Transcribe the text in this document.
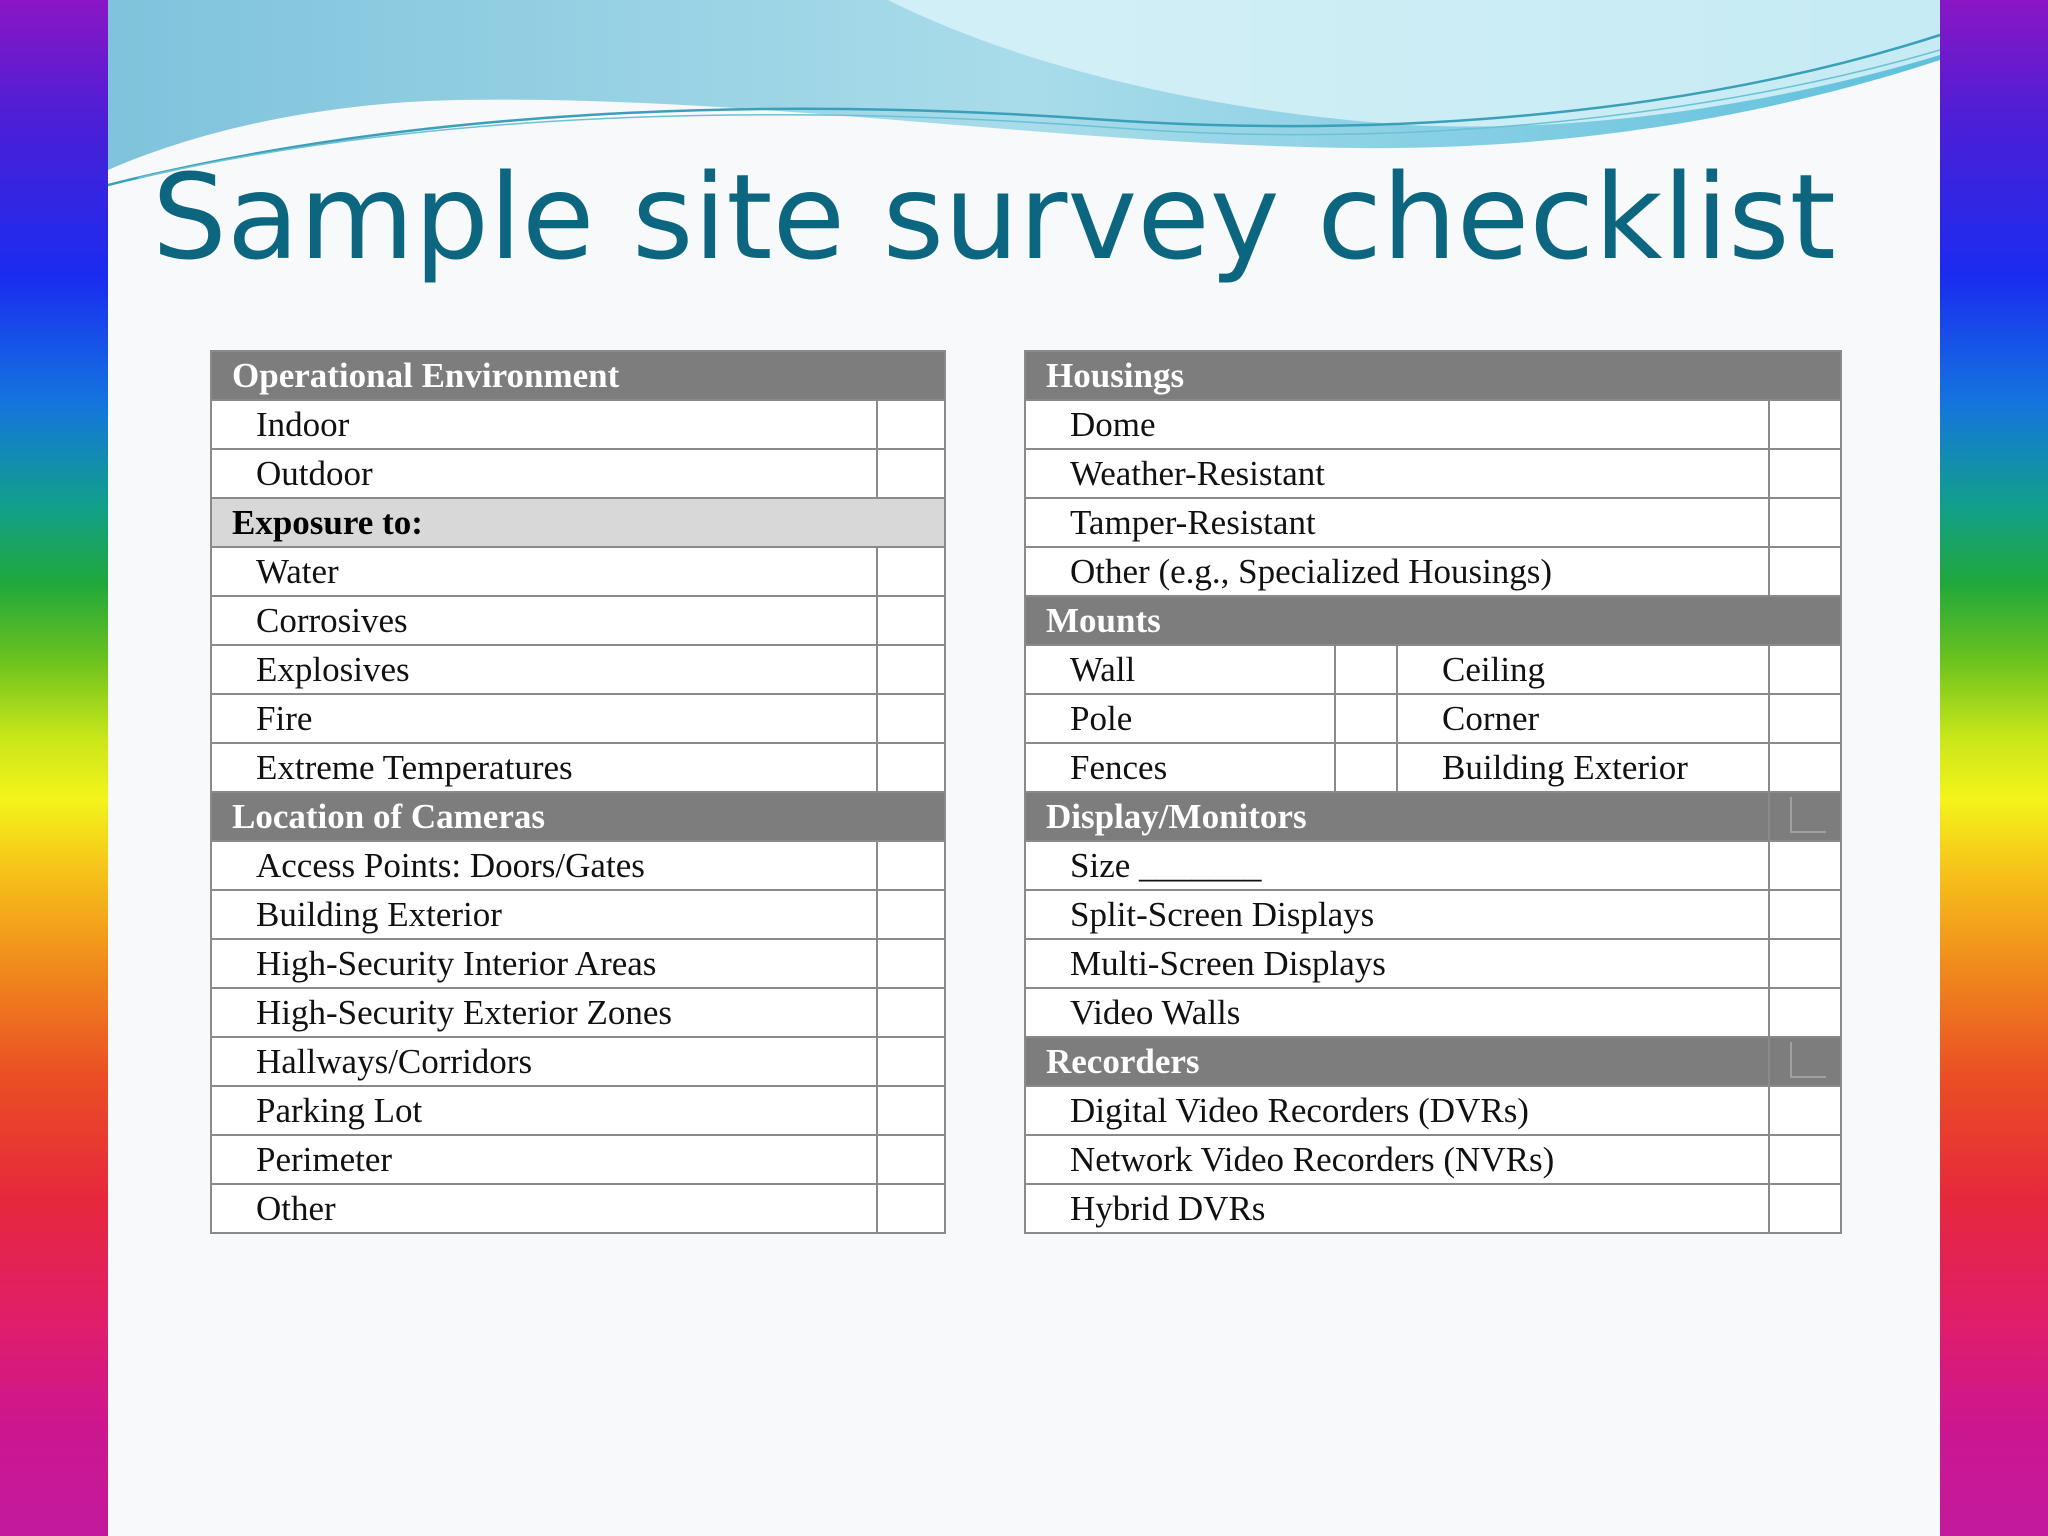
Sample site survey checklist
Operational Environment	
Indoor	
Outdoor	
Exposure to:	
Water	
Corrosives	
Explosives	
Fire	
Extreme Temperatures	
Location of Cameras	
Access Points: Doors/Gates	
Building Exterior	
High-Security Interior Areas	
High-Security Exterior Zones	
Hallways/Corridors	
Parking Lot	
Perimeter	
Other	
Housings			
Dome			
Weather-Resistant			
Tamper-Resistant			
Other (e.g., Specialized Housings)			
Mounts			
Wall		Ceiling	
Pole		Corner	
Fences		Building Exterior	
Display/Monitors			
Size _______			
Split-Screen Displays			
Multi-Screen Displays			
Video Walls			
Recorders			
Digital Video Recorders (DVRs)			
Network Video Recorders (NVRs)			
Hybrid DVRs			
